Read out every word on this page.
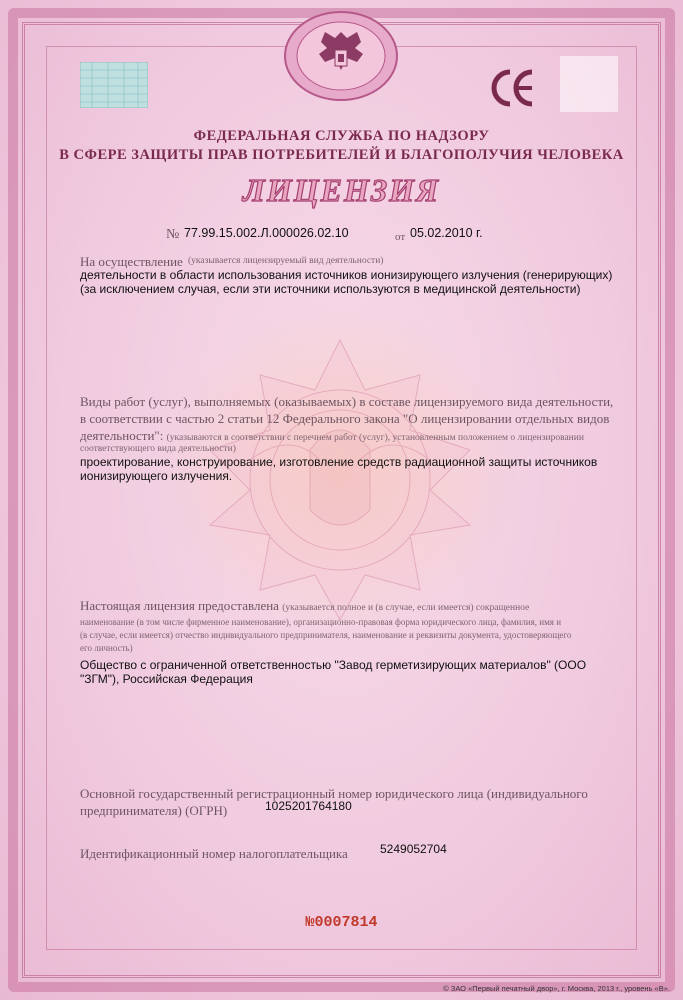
ФЕДЕРАЛЬНАЯ СЛУЖБА ПО НАДЗОРУ
В СФЕРЕ ЗАЩИТЫ ПРАВ ПОТРЕБИТЕЛЕЙ И БЛАГОПОЛУЧИЯ ЧЕЛОВЕКА
ЛИЦЕНЗИЯ
№ 77.99.15.002.Л.000026.02.10	от 05.02.2010 г.
На осуществление (указывается лицензируемый вид деятельности)
деятельности в области использования источников ионизирующего излучения (генерирующих)
(за исключением случая, если эти источники используются в медицинской деятельности)
Виды работ (услуг), выполняемых (оказываемых) в составе лицензируемого вида деятельности,
в соответствии с частью 2 статьи 12 Федерального закона "О лицензировании отдельных видов
деятельности": (указываются в соответствии с перечнем работ (услуг), установленным положением о лицензировании
соответствующего вида деятельности)
проектирование, конструирование, изготовление средств радиационной защиты источников
ионизирующего излучения.
Настоящая лицензия предоставлена (указывается полное и (в случае, если имеется) сокращенное
наименование (в том числе фирменное наименование), организационно-правовая форма юридического лица, фамилия, имя и
(в случае, если имеется) отчество индивидуального предпринимателя, наименование и реквизиты документа, удостоверяющего
его личность)
Общество с ограниченной ответственностью "Завод герметизирующих материалов" (ООО
"ЗГМ"), Российская Федерация
Основной государственный регистрационный номер юридического лица (индивидуального
предпринимателя) (ОГРН)	1025201764180
Идентификационный номер налогоплательщика	5249052704
№0007814
© ЗАО «Первый печатный двор», г. Москва, 2013 г., уровень «В».
